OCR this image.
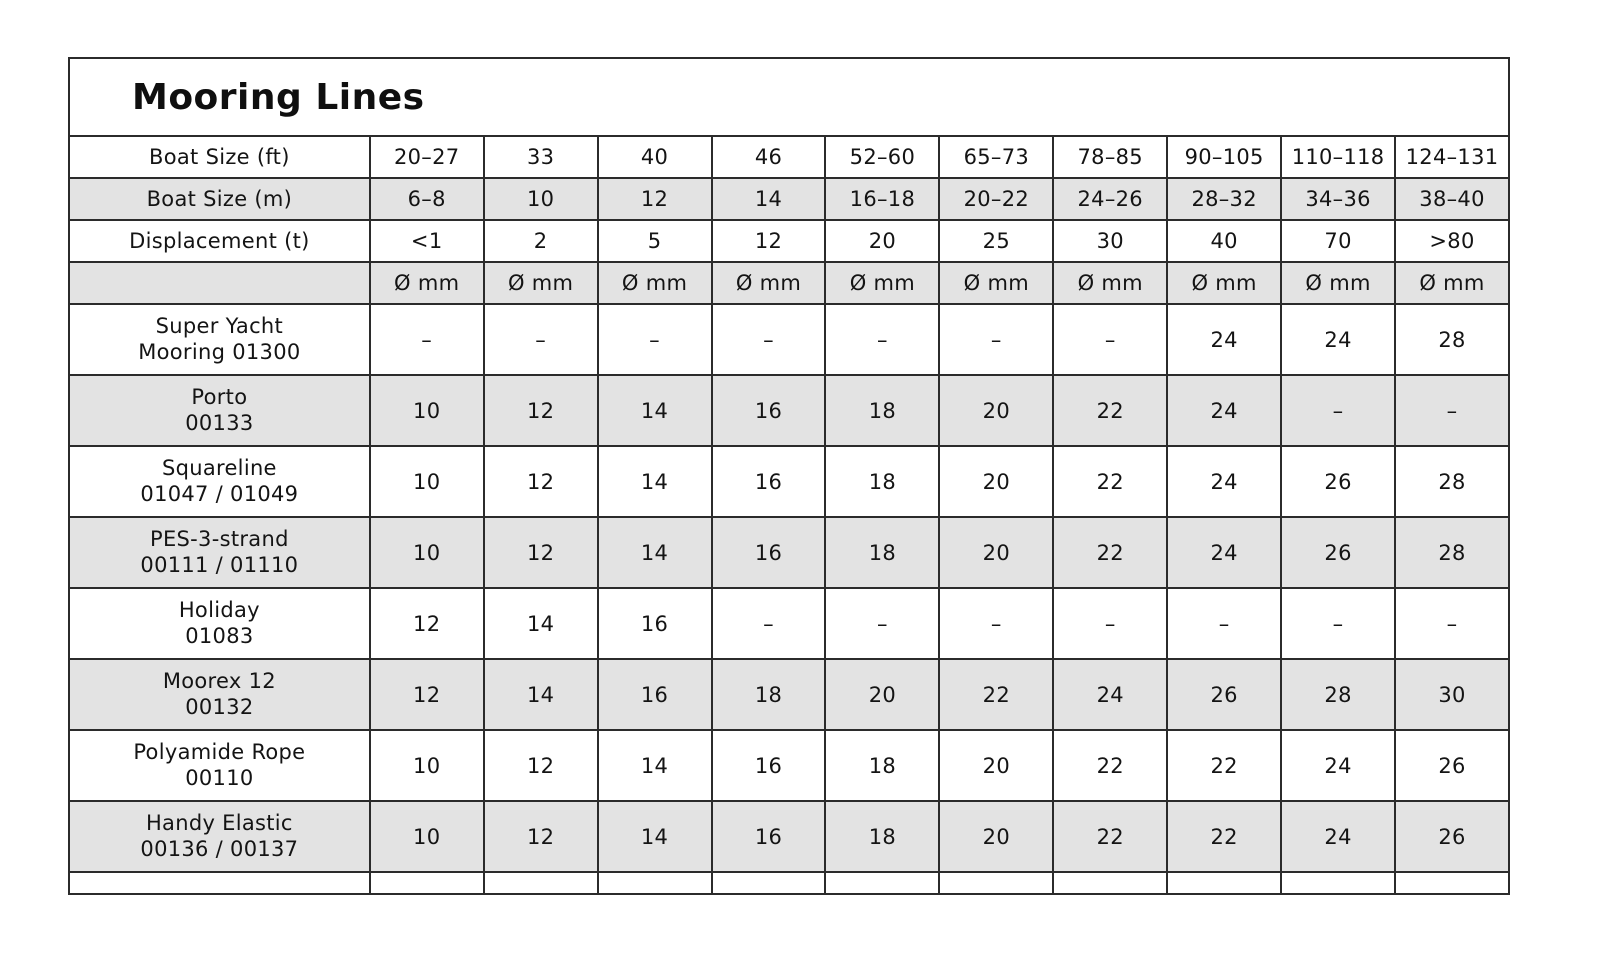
Mooring Lines
Boat Size (ft)	20–27	33	40	46	52–60	65–73	78–85	90–105	110–118	124–131
Boat Size (m)	6–8	10	12	14	16–18	20–22	24–26	28–32	34–36	38–40
Displacement (t)	<1	2	5	12	20	25	30	40	70	>80
	Ø mm	Ø mm	Ø mm	Ø mm	Ø mm	Ø mm	Ø mm	Ø mm	Ø mm	Ø mm

Super Yacht
Mooring 01300	–	–	–	–	–	–	–	24	24	28

Porto
00133	10	12	14	16	18	20	22	24	–	–

Squareline
01047 / 01049	10	12	14	16	18	20	22	24	26	28

PES-3-strand
00111 / 01110	10	12	14	16	18	20	22	24	26	28

Holiday
01083	12	14	16	–	–	–	–	–	–	–

Moorex 12
00132	12	14	16	18	20	22	24	26	28	30

Polyamide Rope
00110	10	12	14	16	18	20	22	22	24	26

Handy Elastic
00136 / 00137	10	12	14	16	18	20	22	22	24	26
